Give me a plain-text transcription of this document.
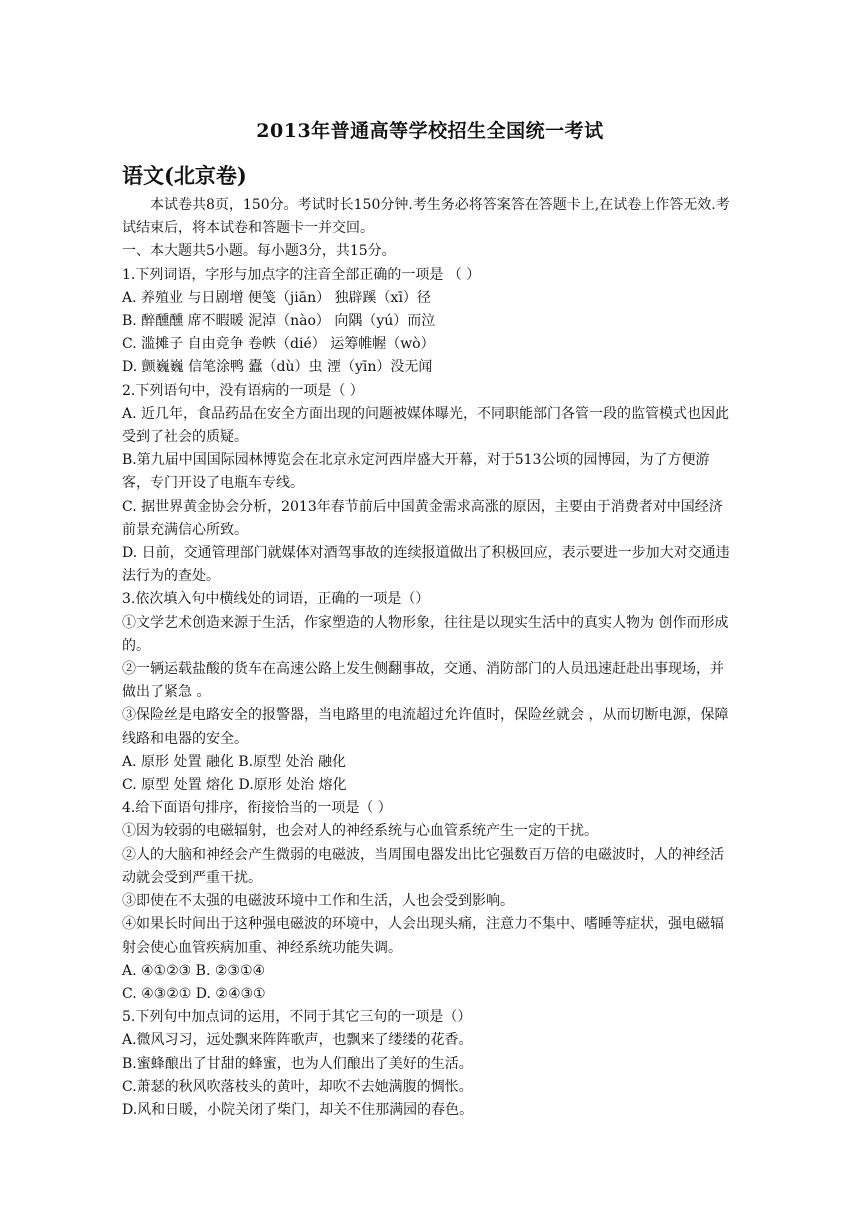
2013年普通高等学校招生全国统一考试
语文(北京卷)

本试卷共8页，150分。考试时长150分钟.考生务必将答案答在答题卡上,在试卷上作答无效.考试结束后，将本试卷和答题卡一并交回。

一、本大题共5小题。每小题3分，共15分。

1.下列词语，字形与加点字的注音全部正确的一项是 （ ）

A. 养殖业 与日剧增 便笺（jiān） 独辟蹊（xī）径

B. 醉醺醺 席不暇暖 泥淖（nào） 向隅（yú）而泣

C. 滥摊子 自由竞争 卷帙（dié） 运筹帷幄（wò）

D. 颤巍巍 信笔涂鸭 蠹（dù）虫 湮（yīn）没无闻

2.下列语句中，没有语病的一项是（ ）

A. 近几年，食品药品在安全方面出现的问题被媒体曝光，不同职能部门各管一段的监管模式也因此受到了社会的质疑。

B.第九届中国国际园林博览会在北京永定河西岸盛大开幕，对于513公顷的园博园，为了方便游客，专门开设了电瓶车专线。

C. 据世界黄金协会分析，2013年春节前后中国黄金需求高涨的原因，主要由于消费者对中国经济前景充满信心所致。

D. 日前，交通管理部门就媒体对酒驾事故的连续报道做出了积极回应，表示要进一步加大对交通违法行为的查处。

3.依次填入句中横线处的词语，正确的一项是（）

①文学艺术创造来源于生活，作家塑造的人物形象，往往是以现实生活中的真实人物为 创作而形成的。

②一辆运载盐酸的货车在高速公路上发生侧翻事故，交通、消防部门的人员迅速赶赴出事现场，并做出了紧急 。

③保险丝是电路安全的报警器，当电路里的电流超过允许值时，保险丝就会 ，从而切断电源，保障线路和电器的安全。

A. 原形 处置 融化 B.原型 处治 融化

C. 原型 处置 熔化 D.原形 处治 熔化

4.给下面语句排序，衔接恰当的一项是（ ）

①因为较弱的电磁辐射，也会对人的神经系统与心血管系统产生一定的干扰。

②人的大脑和神经会产生微弱的电磁波，当周围电器发出比它强数百万倍的电磁波时，人的神经活动就会受到严重干扰。

③即使在不太强的电磁波环境中工作和生活，人也会受到影响。

④如果长时间出于这种强电磁波的环境中，人会出现头痛，注意力不集中、嗜睡等症状，强电磁辐射会使心血管疾病加重、神经系统功能失调。

A. ④①②③ B. ②③①④

C. ④③②① D. ②④③①

5.下列句中加点词的运用，不同于其它三句的一项是（）

A.微风习习，远处飘来阵阵歌声，也飘来了缕缕的花香。

B.蜜蜂酿出了甘甜的蜂蜜，也为人们酿出了美好的生活。

C.萧瑟的秋风吹落枝头的黄叶，却吹不去她满腹的惆怅。

D.风和日暖，小院关闭了柴门，却关不住那满园的春色。
